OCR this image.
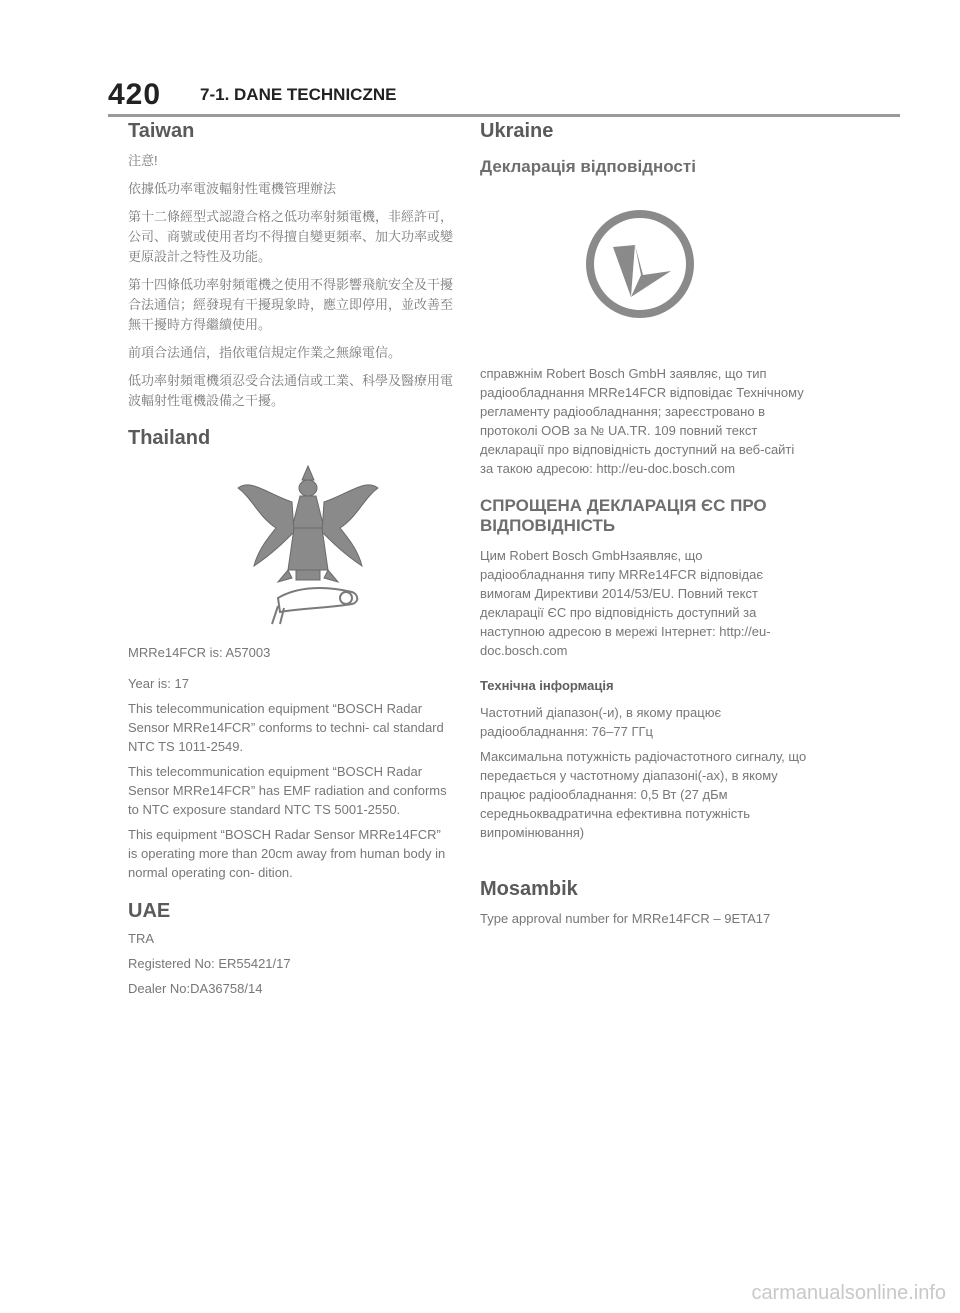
420 7-1. DANE TECHNICZNE
Taiwan

注意!

依據低功率電波輻射性電機管理辦法

第十二條經型式認證合格之低功率射頻電機，非經許可，公司、商號或使用者均不得擅自變更頻率、加大功率或變更原設計之特性及功能。

第十四條低功率射頻電機之使用不得影響飛航安全及干擾合法通信；經發現有干擾現象時，應立即停用，並改善至無干擾時方得繼續使用。

前項合法通信，指依電信規定作業之無線電信。

低功率射頻電機須忍受合法通信或工業、科學及醫療用電波輻射性電機設備之干擾。

Thailand

MRRe14FCR is: A57003

Year is: 17

This telecommunication equipment “BOSCH Radar Sensor MRRe14FCR” conforms to techni- cal standard NTC TS 1011-2549.

This telecommunication equipment “BOSCH Radar Sensor MRRe14FCR” has EMF radiation and conforms to NTC exposure standard NTC TS 5001-2550.

This equipment “BOSCH Radar Sensor MRRe14FCR” is operating more than 20cm away from human body in normal operating con- dition.

UAE

TRA

Registered No: ER55421/17

Dealer No:DA36758/14

Ukraine
Декларація відповідності

справжнім Robert Bosch GmbH заявляє, що тип радіообладнання MRRe14FCR відповідає Технічному регламенту радіообладнання; зареєстровано в протоколі OOB за № UA.TR. 109 повний текст декларації про відповідність доступний на веб-сайті за такою адресою: http://eu-doc.bosch.com

СПРОЩЕНА ДЕКЛАРАЦІЯ ЄС ПРО ВІДПОВІДНІСТЬ

Цим Robert Bosch GmbHзаявляє, що радіообладнання типу MRRe14FCR відповідає вимогам Директиви 2014/53/EU. Повний текст декларації ЄС про відповідність доступний за наступною адресою в мережі Інтернет: http://eu-doc.bosch.com

Технічна інформація

Частотний діапазон(-и), в якому працює радіообладнання: 76–77 ГГц

Максимальна потужність радіочастотного сигналу, що передається у частотному діапазоні(-ах), в якому працює радіообладнання: 0,5 Вт (27 дБм середньоквадратична ефективна потужність випромінювання)

Mosambik

Type approval number for MRRe14FCR – 9ETA17

carmanualsonline.info
